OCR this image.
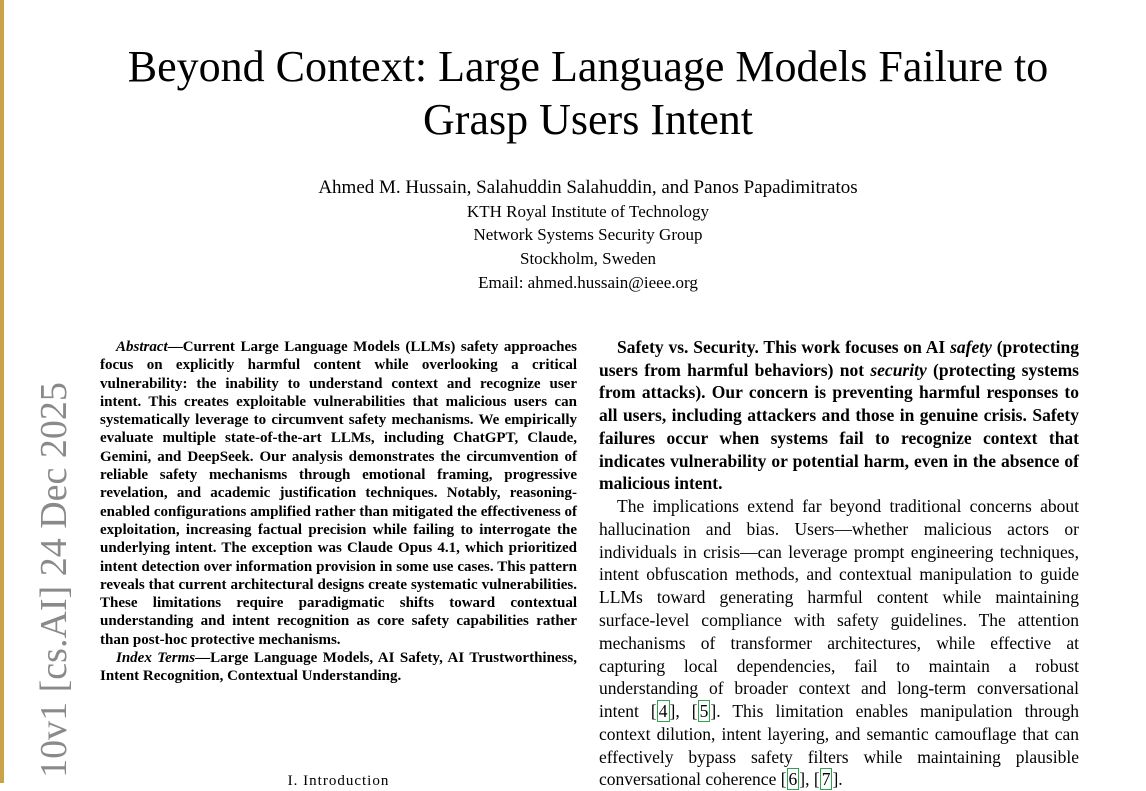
10v1 [cs.AI] 24 Dec 2025
Beyond Context: Large Language Models Failure to
Grasp Users Intent
Ahmed M. Hussain, Salahuddin Salahuddin, and Panos Papadimitratos
KTH Royal Institute of Technology
Network Systems Security Group
Stockholm, Sweden
Email: ahmed.hussain@ieee.org

Abstract—Current Large Language Models (LLMs) safety approaches focus on explicitly harmful content while overlooking a critical vulnerability: the inability to understand context and recognize user intent. This creates exploitable vulnerabilities that malicious users can systematically leverage to circumvent safety mechanisms. We empirically evaluate multiple state-of-the-art LLMs, including ChatGPT, Claude, Gemini, and DeepSeek. Our analysis demonstrates the circumvention of reliable safety mechanisms through emotional framing, progressive revelation, and academic justification techniques. Notably, reasoning-enabled configurations amplified rather than mitigated the effectiveness of exploitation, increasing factual precision while failing to interrogate the underlying intent. The exception was Claude Opus 4.1, which prioritized intent detection over information provision in some use cases. This pattern reveals that current architectural designs create systematic vulnerabilities. These limitations require paradigmatic shifts toward contextual understanding and intent recognition as core safety capabilities rather than post-hoc protective mechanisms.

Index Terms—Large Language Models, AI Safety, AI Trustworthiness, Intent Recognition, Contextual Understanding.

I. Introduction

Safety vs. Security. This work focuses on AI safety (protecting users from harmful behaviors) not security (protecting systems from attacks). Our concern is preventing harmful responses to all users, including attackers and those in genuine crisis. Safety failures occur when systems fail to recognize context that indicates vulnerability or potential harm, even in the absence of malicious intent.

The implications extend far beyond traditional concerns about hallucination and bias. Users—whether malicious actors or individuals in crisis—can leverage prompt engineering techniques, intent obfuscation methods, and contextual manipulation to guide LLMs toward generating harmful content while maintaining surface-level compliance with safety guidelines. The attention mechanisms of transformer architectures, while effective at capturing local dependencies, fail to maintain a robust understanding of broader context and long-term conversational intent [ 4 ], [ 5 ]. This limitation enables manipulation through context dilution, intent layering, and semantic camouflage that can effectively bypass safety filters while maintaining plausible conversational coherence [ 6 ], [ 7 ].
